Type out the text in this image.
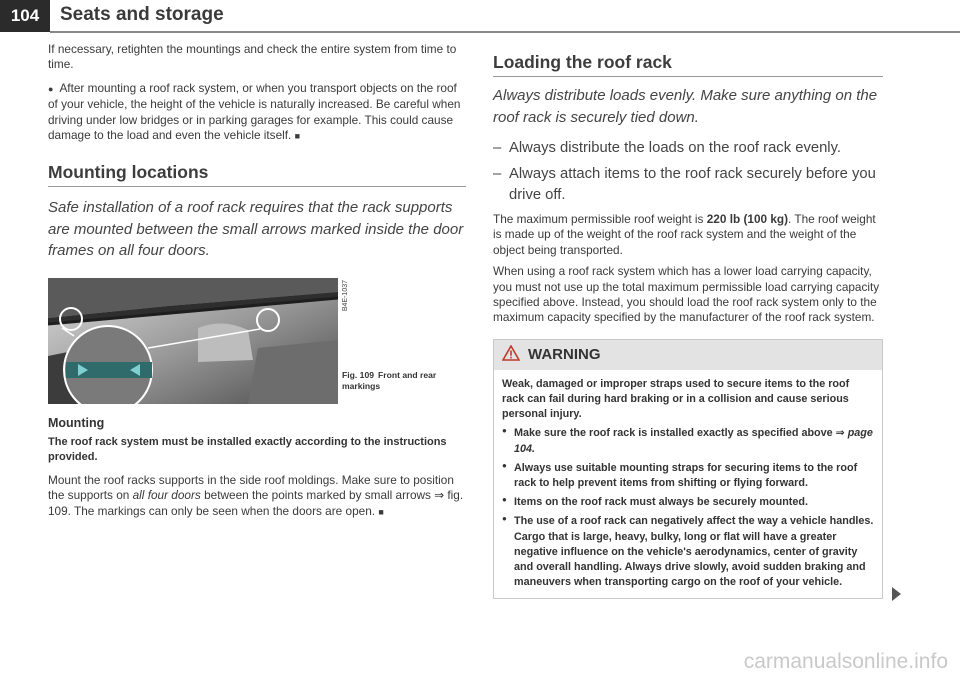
104	Seats and storage

If necessary, retighten the mountings and check the entire system from time to time.

● After mounting a roof rack system, or when you transport objects on the roof of your vehicle, the height of the vehicle is naturally increased. Be careful when driving under low bridges or in parking garages for example. This could cause damage to the load and even the vehicle itself. ■

Mounting locations
Safe installation of a roof rack requires that the rack supports are mounted between the small arrows marked inside the door frames on all four doors.
B4E-1037
Fig. 109 Front and rear markings
Mounting

The roof rack system must be installed exactly according to the instructions provided.

Mount the roof racks supports in the side roof moldings. Make sure to position the supports on all four doors between the points marked by small arrows ⇒ fig. 109. The markings can only be seen when the doors are open. ■

Loading the roof rack
Always distribute loads evenly. Make sure anything on the roof rack is securely tied down.
– Always distribute the loads on the roof rack evenly.
– Always attach items to the roof rack securely before you drive off.

The maximum permissible roof weight is 220 lb (100 kg). The roof weight is made up of the weight of the roof rack system and the weight of the object being transported.

When using a roof rack system which has a lower load carrying capacity, you must not use up the total maximum permissible load carrying capacity specified above. Instead, you should load the roof rack system only to the maximum capacity specified by the manufacturer of the roof rack system.

WARNING

Weak, damaged or improper straps used to secure items to the roof rack can fail during hard braking or in a collision and cause serious personal injury.

● Make sure the roof rack is installed exactly as specified above ⇒ page 104.

● Always use suitable mounting straps for securing items to the roof rack to help prevent items from shifting or flying forward.

● Items on the roof rack must always be securely mounted.

● The use of a roof rack can negatively affect the way a vehicle handles. Cargo that is large, heavy, bulky, long or flat will have a greater negative influence on the vehicle's aerodynamics, center of gravity and overall handling. Always drive slowly, avoid sudden braking and maneuvers when transporting cargo on the roof of your vehicle.

carmanualsonline.info
